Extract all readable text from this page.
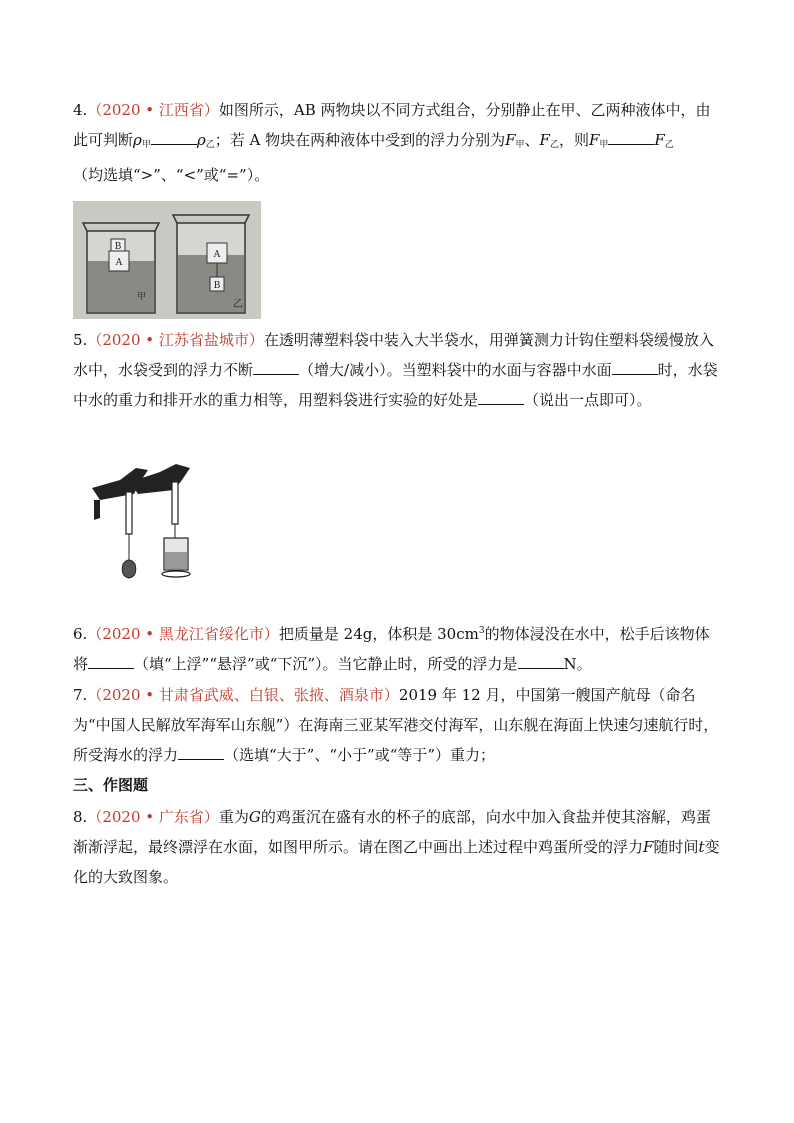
4.（2020 • 江西省）如图所示，AB 两物块以不同方式组合，分别静止在甲、乙两种液体中，由此可判断$\rho_甲$	$\rho_乙$；若 A 物块在两种液体中受到的浮力分别为$F_甲$、$F_乙$，则$F_甲$	$F_乙$
（均选填“>”、“<”或“=”）。
B
A
甲
A
B
乙
5.（2020 • 江苏省盐城市）在透明薄塑料袋中装入大半袋水，用弹簧测力计钩住塑料袋缓慢放入水中，水袋受到的浮力不断	（增大/减小）。当塑料袋中的水面与容器中水面	时，水袋中水的重力和排开水的重力相等，用塑料袋进行实验的好处是	（说出一点即可）。
6.（2020 • 黑龙江省绥化市）把质量是 24g，体积是 $30cm^3$的物体浸没在水中，松手后该物体将	（填“上浮”“悬浮”或“下沉”）。当它静止时，所受的浮力是	N。
7.（2020 • 甘肃省武威、白银、张掖、酒泉市）2019 年 12 月，中国第一艘国产航母（命名为“中国人民解放军海军山东舰”）在海南三亚某军港交付海军，山东舰在海面上快速匀速航行时，所受海水的浮力	（选填“大于”、“小于”或“等于”）重力；
三、作图题
8.（2020 • 广东省）重为G的鸡蛋沉在盛有水的杯子的底部，向水中加入食盐并使其溶解，鸡蛋渐渐浮起，最终漂浮在水面，如图甲所示。请在图乙中画出上述过程中鸡蛋所受的浮力F随时间t变化的大致图象。
